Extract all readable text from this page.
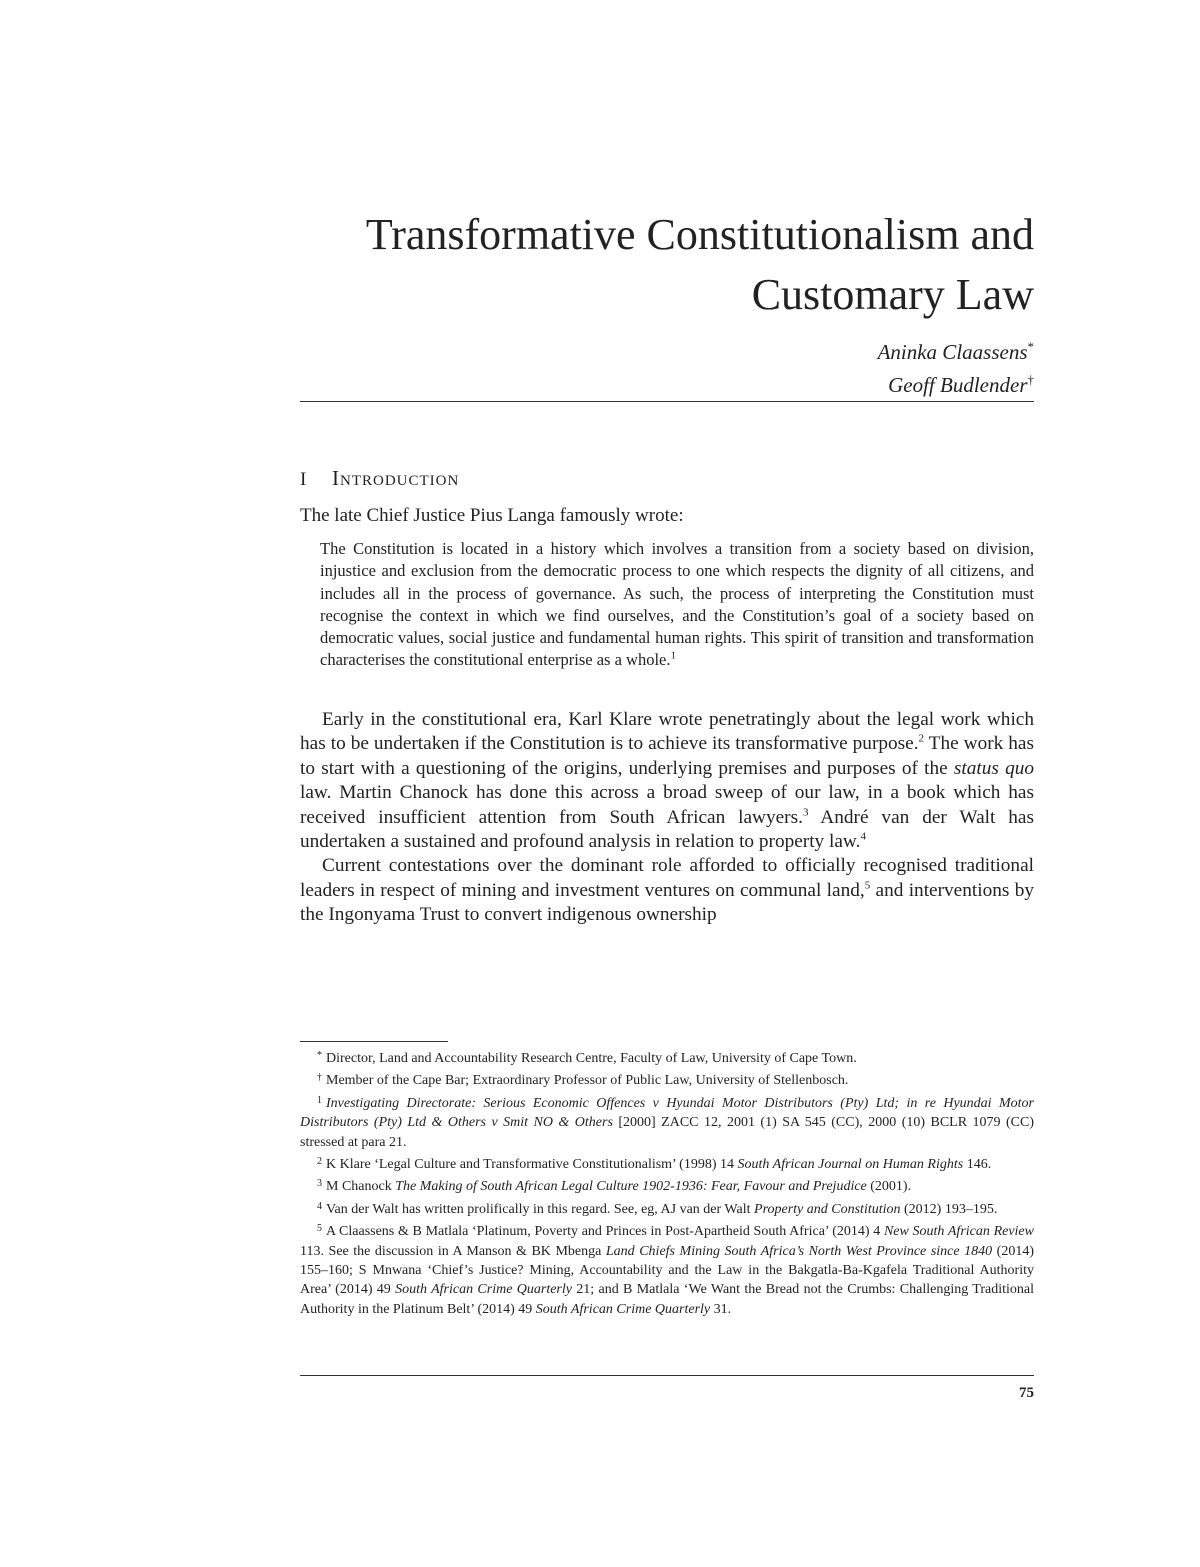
Transformative Constitutionalism and
Customary Law
Aninka Claassens*
Geoff Budlender†
I INTRODUCTION
The late Chief Justice Pius Langa famously wrote:
The Constitution is located in a history which involves a transition from a society based on division, injustice and exclusion from the democratic process to one which respects the dignity of all citizens, and includes all in the process of governance. As such, the process of interpreting the Constitution must recognise the context in which we find ourselves, and the Constitution’s goal of a society based on democratic values, social justice and fundamental human rights. This spirit of transition and transformation characterises the constitutional enterprise as a whole.$^1$

Early in the constitutional era, Karl Klare wrote penetratingly about the legal work which has to be undertaken if the Constitution is to achieve its transformative purpose.$^2$ The work has to start with a questioning of the origins, underlying premises and purposes of the status quo law. Martin Chanock has done this across a broad sweep of our law, in a book which has received insufficient attention from South African lawyers.$^3$ André van der Walt has undertaken a sustained and profound analysis in relation to property law.$^4$

Current contestations over the dominant role afforded to officially recognised traditional leaders in respect of mining and investment ventures on communal land,$^5$ and interventions by the Ingonyama Trust to convert indigenous ownership

* Director, Land and Accountability Research Centre, Faculty of Law, University of Cape Town.

† Member of the Cape Bar; Extraordinary Professor of Public Law, University of Stellenbosch.

$^1$ Investigating Directorate: Serious Economic Offences v Hyundai Motor Distributors (Pty) Ltd; in re Hyundai Motor Distributors (Pty) Ltd & Others v Smit NO & Others [2000] ZACC 12, 2001 (1) SA 545 (CC), 2000 (10) BCLR 1079 (CC) stressed at para 21.

$^2$ K Klare ‘Legal Culture and Transformative Constitutionalism’ (1998) 14 South African Journal on Human Rights 146.

$^3$ M Chanock The Making of South African Legal Culture 1902-1936: Fear, Favour and Prejudice (2001).

$^4$ Van der Walt has written prolifically in this regard. See, eg, AJ van der Walt Property and Constitution (2012) 193–195.

$^5$ A Claassens & B Matlala ‘Platinum, Poverty and Princes in Post-Apartheid South Africa’ (2014) 4 New South African Review 113. See the discussion in A Manson & BK Mbenga Land Chiefs Mining South Africa’s North West Province since 1840 (2014) 155–160; S Mnwana ‘Chief’s Justice? Mining, Accountability and the Law in the Bakgatla-Ba-Kgafela Traditional Authority Area’ (2014) 49 South African Crime Quarterly 21; and B Matlala ‘We Want the Bread not the Crumbs: Challenging Traditional Authority in the Platinum Belt’ (2014) 49 South African Crime Quarterly 31.

75
